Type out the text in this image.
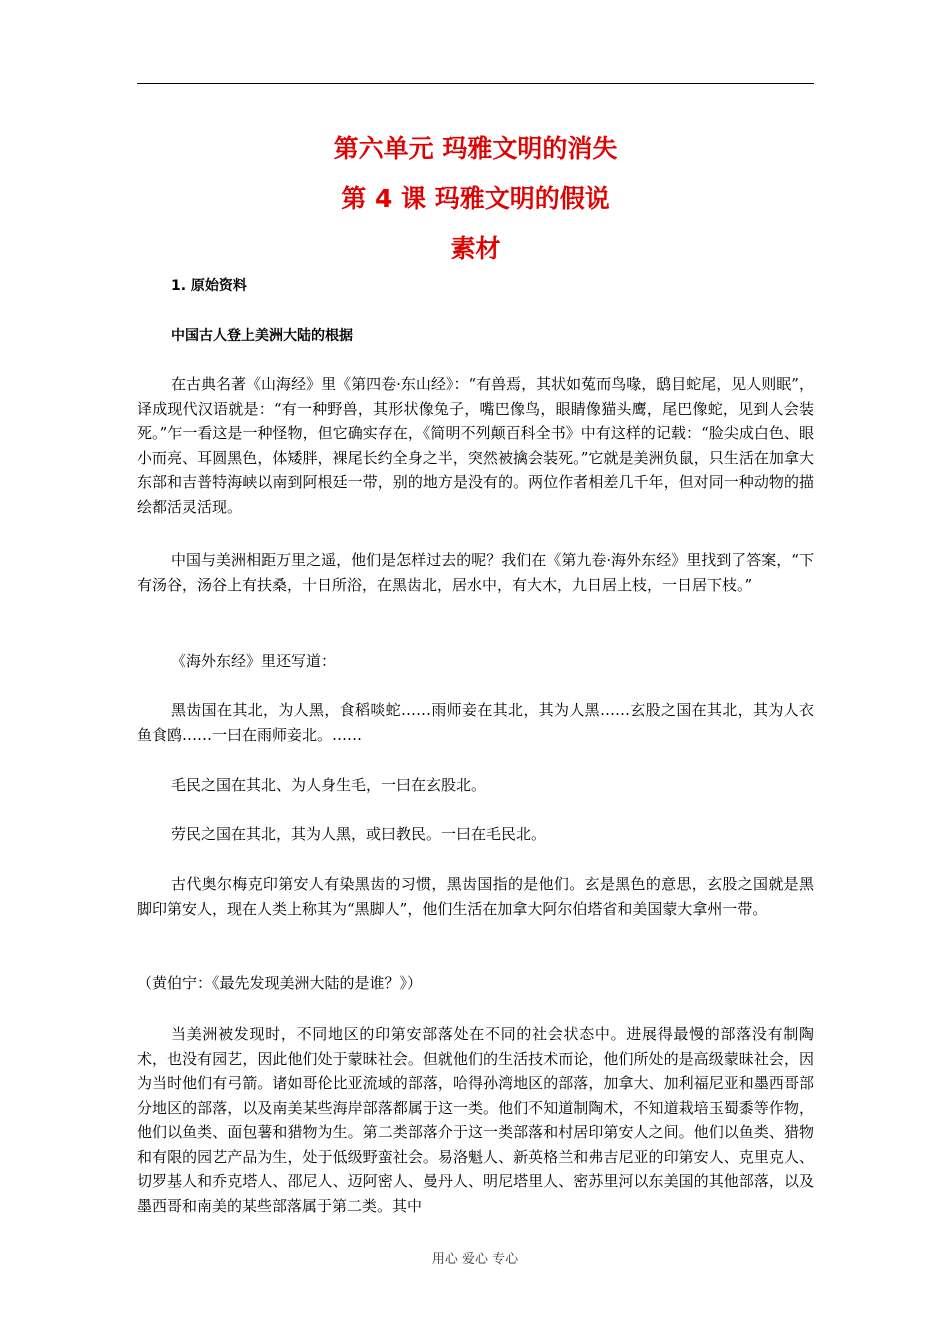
第六单元 玛雅文明的消失
第 4 课 玛雅文明的假说
素材
1. 原始资料
中国古人登上美洲大陆的根据

在古典名著《山海经》里《第四卷·东山经》：“有兽焉，其状如菟而鸟喙，鸱目蛇尾，见人则眠”，译成现代汉语就是：“有一种野兽，其形状像兔子，嘴巴像鸟，眼睛像猫头鹰，尾巴像蛇，见到人会装死。”乍一看这是一种怪物，但它确实存在，《简明不列颠百科全书》中有这样的记载：“脸尖成白色、眼小而亮、耳圆黑色，体矮胖，裸尾长约全身之半，突然被擒会装死。”它就是美洲负鼠，只生活在加拿大东部和吉普特海峡以南到阿根廷一带，别的地方是没有的。两位作者相差几千年，但对同一种动物的描绘都活灵活现。

中国与美洲相距万里之遥，他们是怎样过去的呢？我们在《第九卷·海外东经》里找到了答案，“下有汤谷，汤谷上有扶桑，十日所浴，在黑齿北，居水中，有大木，九日居上枝，一日居下枝。”

《海外东经》里还写道：

黑齿国在其北，为人黑，食稻啖蛇……雨师妾在其北，其为人黑……玄股之国在其北，其为人衣鱼食鸥……一曰在雨师妾北。……

毛民之国在其北、为人身生毛，一曰在玄股北。

劳民之国在其北，其为人黑，或曰教民。一曰在毛民北。

古代奥尔梅克印第安人有染黑齿的习惯，黑齿国指的是他们。玄是黑色的意思，玄股之国就是黑脚印第安人，现在人类上称其为“黑脚人”，他们生活在加拿大阿尔伯塔省和美国蒙大拿州一带。

（黄伯宁：《最先发现美洲大陆的是谁？》）

当美洲被发现时，不同地区的印第安部落处在不同的社会状态中。进展得最慢的部落没有制陶术，也没有园艺，因此他们处于蒙昧社会。但就他们的生活技术而论，他们所处的是高级蒙昧社会，因为当时他们有弓箭。诸如哥伦比亚流域的部落，哈得孙湾地区的部落，加拿大、加利福尼亚和墨西哥部分地区的部落，以及南美某些海岸部落都属于这一类。他们不知道制陶术，不知道栽培玉蜀黍等作物，他们以鱼类、面包薯和猎物为生。第二类部落介于这一类部落和村居印第安人之间。他们以鱼类、猎物和有限的园艺产品为生，处于低级野蛮社会。易洛魁人、新英格兰和弗吉尼亚的印第安人、克里克人、切罗基人和乔克塔人、邵尼人、迈阿密人、曼丹人、明尼塔里人、密苏里河以东美国的其他部落，以及墨西哥和南美的某些部落属于第二类。其中

用心 爱心 专心
